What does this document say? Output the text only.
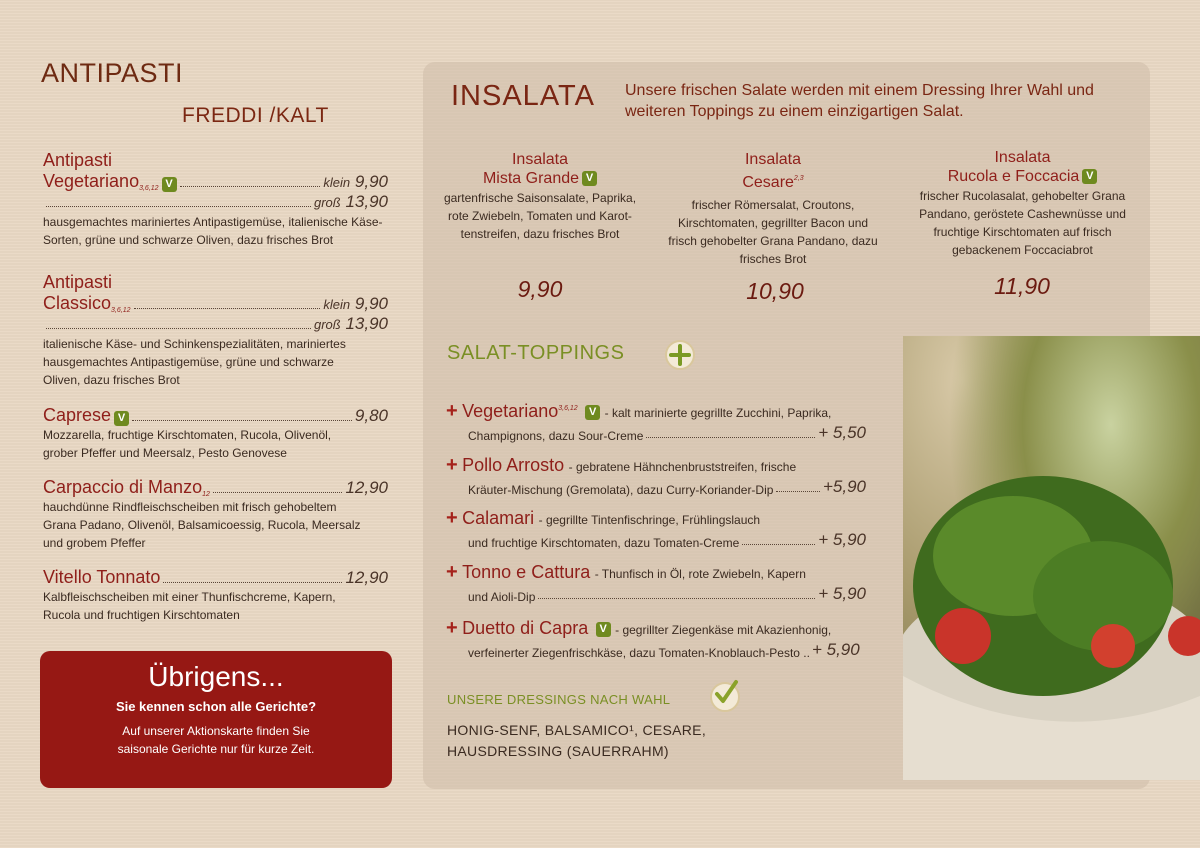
ANTIPASTI
FREDDI /KALT
Antipasti
Vegetariano 3,6,12 V	klein 9,90
groß 13,90
hausgemachtes mariniertes Antipastigemüse, italienische Käse-Sorten, grüne und schwarze Oliven, dazu frisches Brot
Antipasti
Classico 3,6,12	klein 9,90
groß 13,90
italienische Käse- und Schinkenspezialitäten, mariniertes hausgemachtes Antipastigemüse, grüne und schwarze Oliven, dazu frisches Brot
Caprese V	9,80
Mozzarella, fruchtige Kirschtomaten, Rucola, Olivenöl, grober Pfeffer und Meersalz, Pesto Genovese
Carpaccio di Manzo 12	12,90
hauchdünne Rindfleischscheiben mit frisch gehobeltem Grana Padano, Olivenöl, Balsamicoessig, Rucola, Meersalz und grobem Pfeffer
Vitello Tonnato	12,90
Kalbfleischscheiben mit einer Thunfischcreme, Kapern, Rucola und fruchtigen Kirschtomaten
Übrigens...
Sie kennen schon alle Gerichte?
Auf unserer Aktionskarte finden Sie saisonale Gerichte nur für kurze Zeit.
INSALATA Unsere frischen Salate werden mit einem Dressing Ihrer Wahl und weiteren Toppings zu einem einzigartigen Salat.
Insalata
Mista Grande V
gartenfrische Saisonsalate, Paprika, rote Zwiebeln, Tomaten und Karot-tenstreifen, dazu frisches Brot
9,90
Insalata
Cesare$^{2,3}$
frischer Römersalat, Croutons, Kirschtomaten, gegrillter Bacon und frisch gehobelter Grana Pandano, dazu frisches Brot
10,90
Insalata
Rucola e Foccacia V
frischer Rucolasalat, gehobelter Grana Pandano, geröstete Cashewnüsse und fruchtige Kirschtomaten auf frisch gebackenem Foccaciabrot
11,90
SALAT-TOPPINGS
+ Vegetariano$^{3,6,12}$ V - kalt marinierte gegrillte Zucchini, Paprika,
Champignons, dazu Sour-Creme	+ 5,50
+ Pollo Arrosto - gebratene Hähnchenbruststreifen, frische
Kräuter-Mischung (Gremolata), dazu Curry-Koriander-Dip	+5,90
+ Calamari - gegrillte Tintenfischringe, Frühlingslauch
und fruchtige Kirschtomaten, dazu Tomaten-Creme	+ 5,90
+ Tonno e Cattura - Thunfisch in Öl, rote Zwiebeln, Kapern
und Aioli-Dip	+ 5,90
+ Duetto di Capra V - gegrillter Ziegenkäse mit Akazienhonig,
verfeinerter Ziegenfrischkäse, dazu Tomaten-Knoblauch-Pesto .. + 5,90
UNSERE DRESSINGS NACH WAHL
HONIG-SENF, BALSAMICO¹, CESARE,
HAUSDRESSING (SAUERRAHM)
